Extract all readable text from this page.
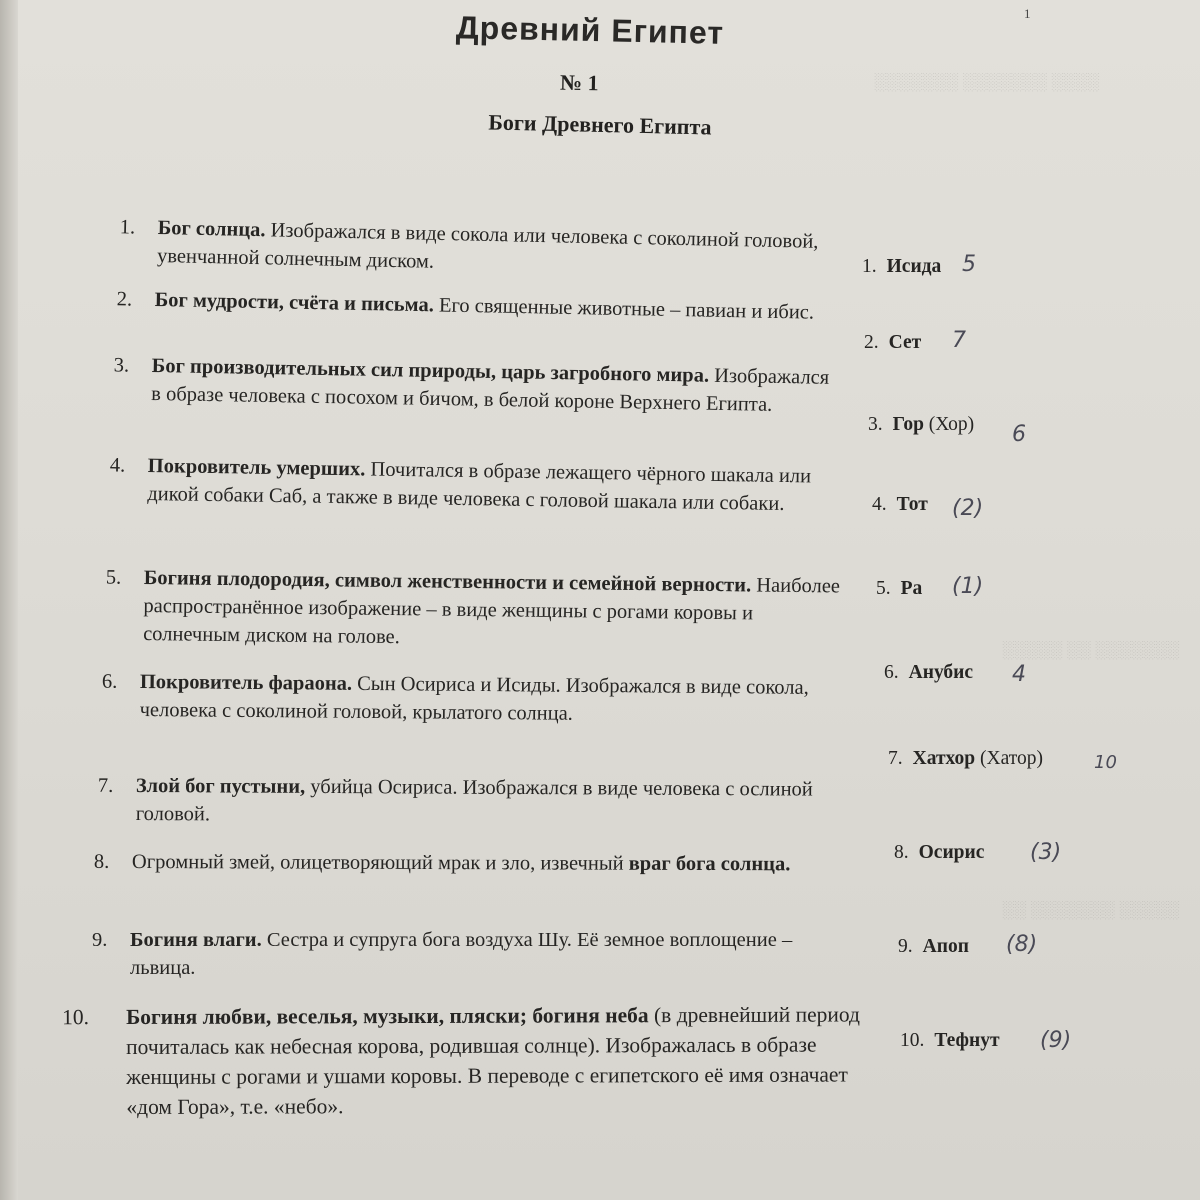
░░░░ ░░░░░░░ ░░░░░░░
░░░░░░░ ░░ ░░░░░
░░░░░ ░░░░░░░ ░░
Древний Египет	1
№ 1
Боги Древнего Египта
1. Бог солнца. Изображался в виде сокола или человека с соколиной головой, увенчанной солнечным диском.
2. Бог мудрости, счёта и письма. Его священные животные – павиан и ибис.
3. Бог производительных сил природы, царь загробного мира. Изображался в образе человека с посохом и бичом, в белой короне Верхнего Египта.
4. Покровитель умерших. Почитался в образе лежащего чёрного шакала или дикой собаки Саб, а также в виде человека с головой шакала или собаки.
5. Богиня плодородия, символ женственности и семейной верности. Наиболее распространённое изображение – в виде женщины с рогами коровы и солнечным диском на голове.
6. Покровитель фараона. Сын Осириса и Исиды. Изображался в виде сокола, человека с соколиной головой, крылатого солнца.
7. Злой бог пустыни, убийца Осириса. Изображался в виде человека с ослиной головой.
8. Огромный змей, олицетворяющий мрак и зло, извечный враг бога солнца.
9. Богиня влаги. Сестра и супруга бога воздуха Шу. Её земное воплощение – львица.
10. Богиня любви, веселья, музыки, пляски; богиня неба (в древнейший период почиталась как небесная корова, родившая солнце). Изображалась в образе женщины с рогами и ушами коровы. В переводе с египетского её имя означает «дом Гора», т.е. «небо».
1. Исида 5
2. Сет 7
3. Гор (Хор) 6
4. Тот (2)
5. Ра (1)
6. Анубис 4
7. Хатхор (Хатор)	10
8. Осирис (3)
9. Апоп (8)
10. Тефнут (9)
